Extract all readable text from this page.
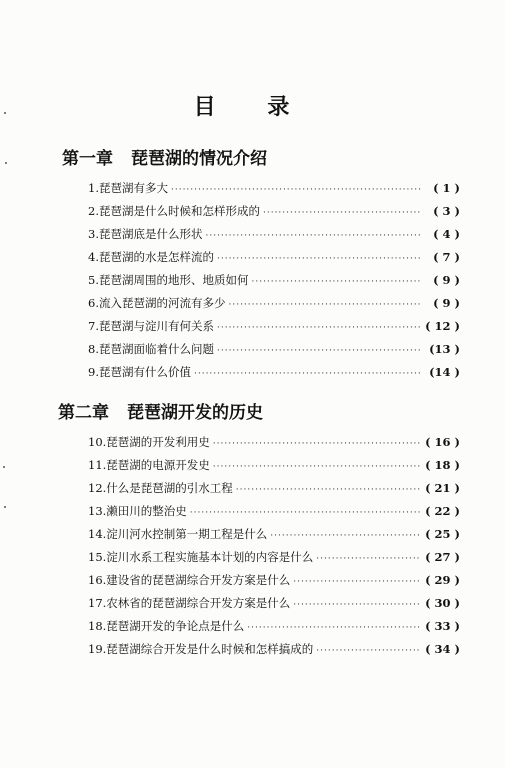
目 录
第一章 琵琶湖的情况介绍
1.琵琶湖有多大 ·····	( 1 )
2.琵琶湖是什么时候和怎样形成的 ·····	( 3 )
3.琵琶湖底是什么形状 ·····	( 4 )
4.琵琶湖的水是怎样流的 ·····	( 7 )
5.琵琶湖周围的地形、地质如何 ·····	( 9 )
6.流入琵琶湖的河流有多少 ·····	( 9 )
7.琵琶湖与淀川有何关系 ·····	( 12 )
8.琵琶湖面临着什么问题 ·····	(13 )
9.琵琶湖有什么价值 ·····	(14 )
第二章 琵琶湖开发的历史
10.琵琶湖的开发利用史 ·····	( 16 )
11.琵琶湖的电源开发史 ·····	( 18 )
12.什么是琵琶湖的引水工程 ·····	( 21 )
13.濑田川的整治史 ·····	( 22 )
14.淀川河水控制第一期工程是什么 ·····	( 25 )
15.淀川水系工程实施基本计划的内容是什么 ·····	( 27 )
16.建设省的琵琶湖综合开发方案是什么 ·····	( 29 )
17.农林省的琵琶湖综合开发方案是什么 ·····	( 30 )
18.琵琶湖开发的争论点是什么 ·····	( 33 )
19.琵琶湖综合开发是什么时候和怎样搞成的 ·····	( 34 )
